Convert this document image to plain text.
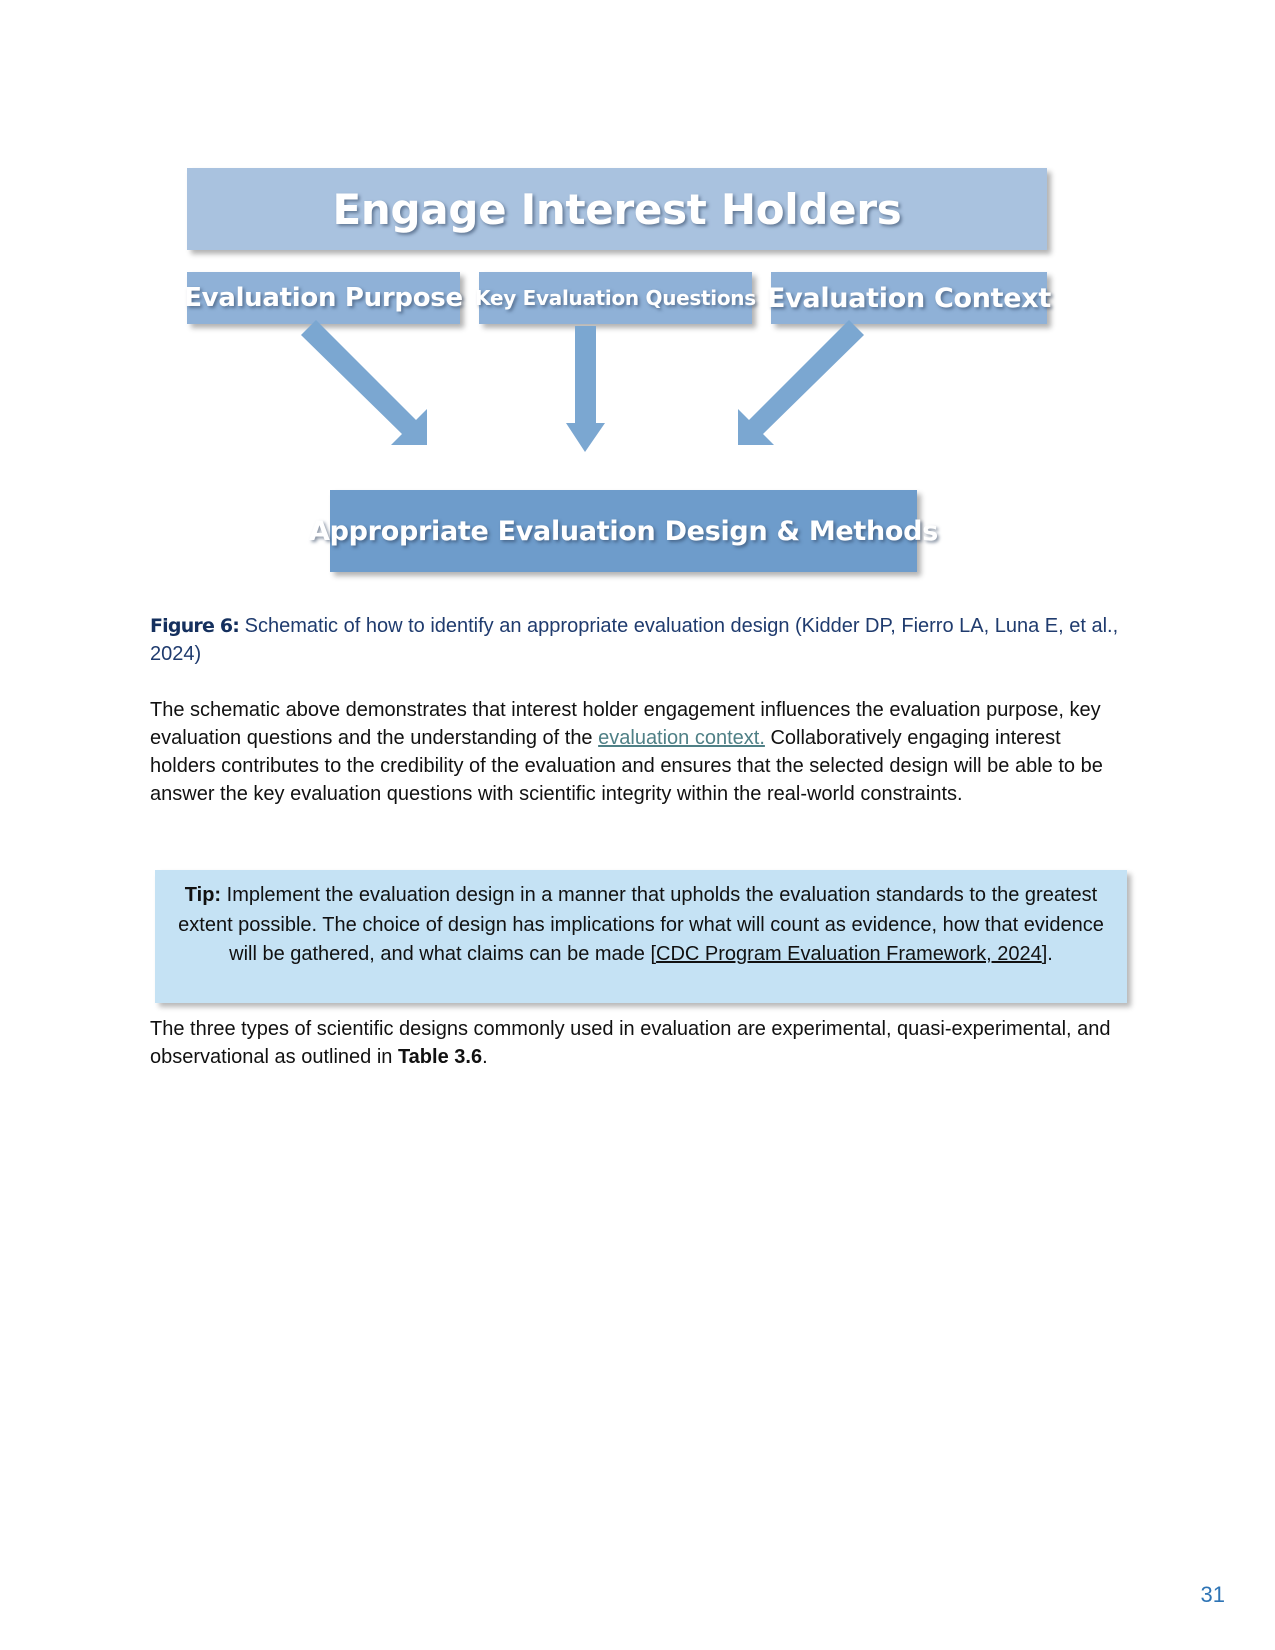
Engage Interest Holders
Evaluation Purpose Key Evaluation Questions Evaluation Context
Appropriate Evaluation Design & Methods
Figure 6: Schematic of how to identify an appropriate evaluation design (Kidder DP, Fierro LA, Luna E, et al., 2024)
The schematic above demonstrates that interest holder engagement influences the evaluation purpose, key evaluation questions and the understanding of the evaluation context. Collaboratively engaging interest holders contributes to the credibility of the evaluation and ensures that the selected design will be able to be answer the key evaluation questions with scientific integrity within the real-world constraints.
Tip: Implement the evaluation design in a manner that upholds the evaluation standards to the greatest extent possible. The choice of design has implications for what will count as evidence, how that evidence will be gathered, and what claims can be made [CDC Program Evaluation Framework, 2024].
The three types of scientific designs commonly used in evaluation are experimental, quasi-experimental, and observational as outlined in Table 3.6.
31
